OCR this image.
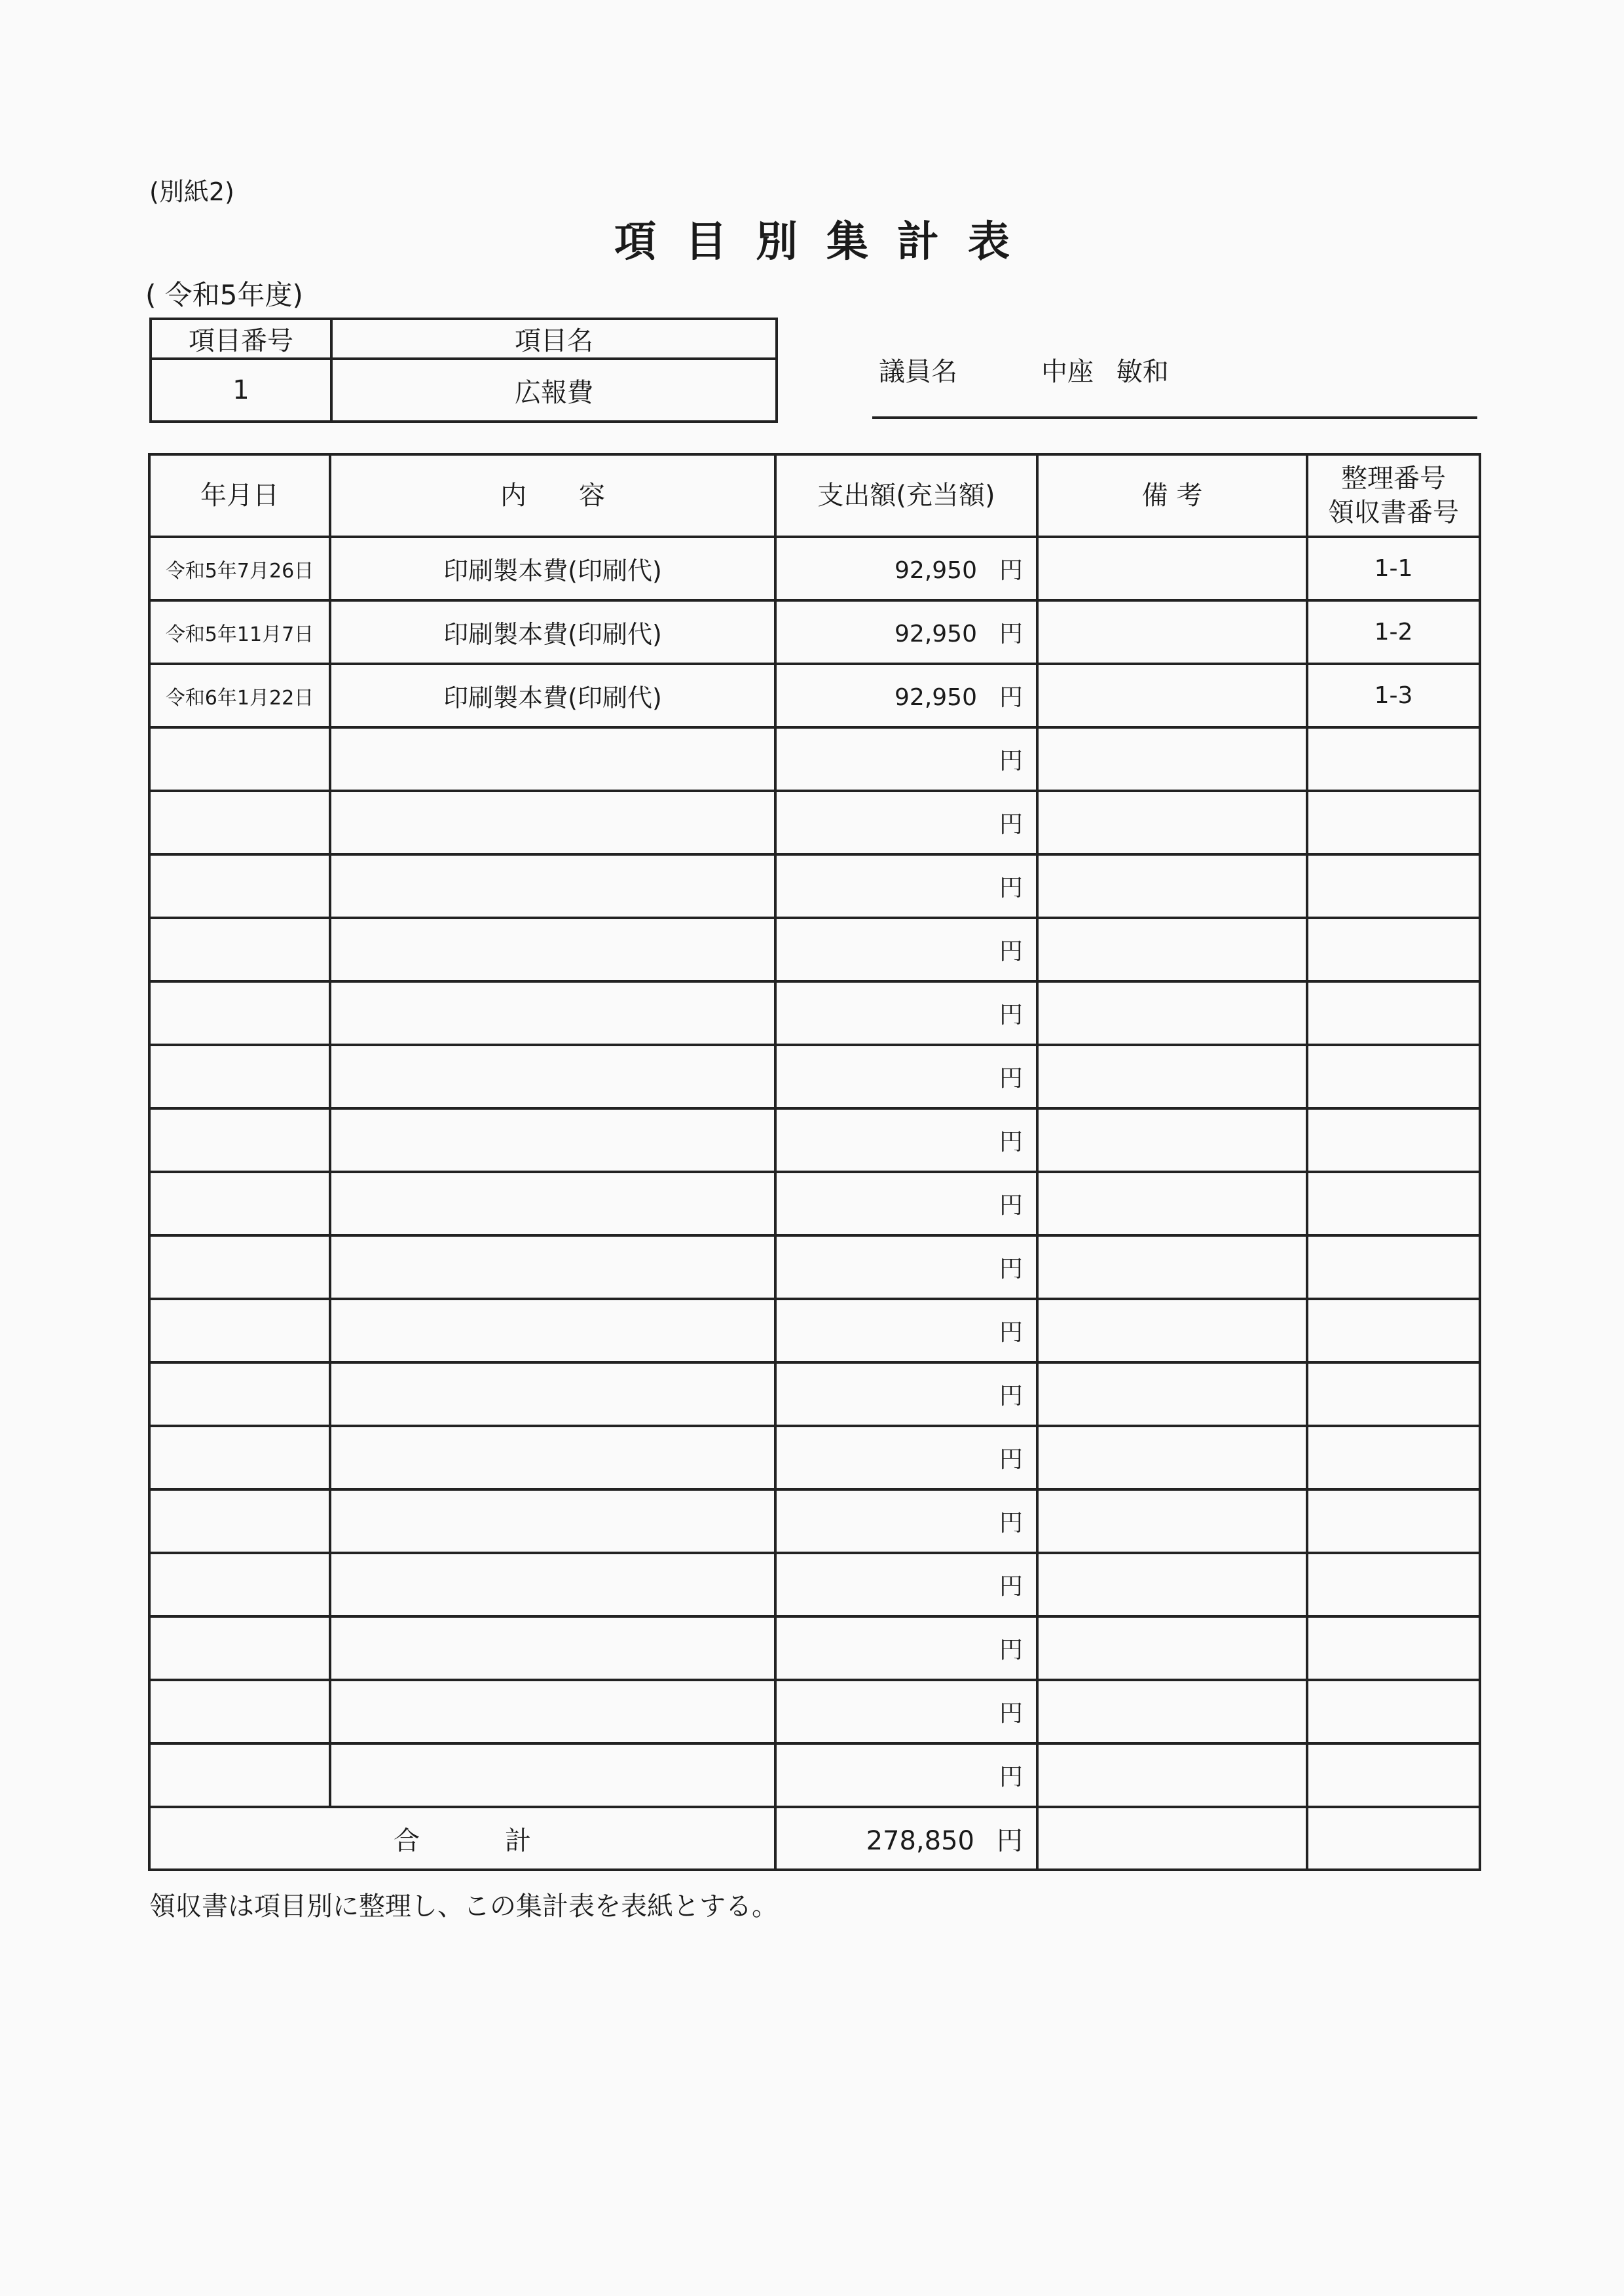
(別紙2)
項目別集計表
( 令和5年度)
項目番号	項目名
1	広報費
議員名	中座 敏和
年月日	内　　容	支出額(充当額)	備 考	整理番号
領収書番号

令和5年7月26日	印刷製本費(印刷代)	92,950 円		1-1
令和5年11月7日	印刷製本費(印刷代)	92,950 円		1-2
令和6年1月22日	印刷製本費(印刷代)	92,950 円		1-3
		円		
		円		
		円		
		円		
		円		
		円		
		円		
		円		
		円		
		円		
		円		
		円		
		円		
		円		
		円		
		円		
		円		
合計		278,850 円		
領収書は項目別に整理し、この集計表を表紙とする。
